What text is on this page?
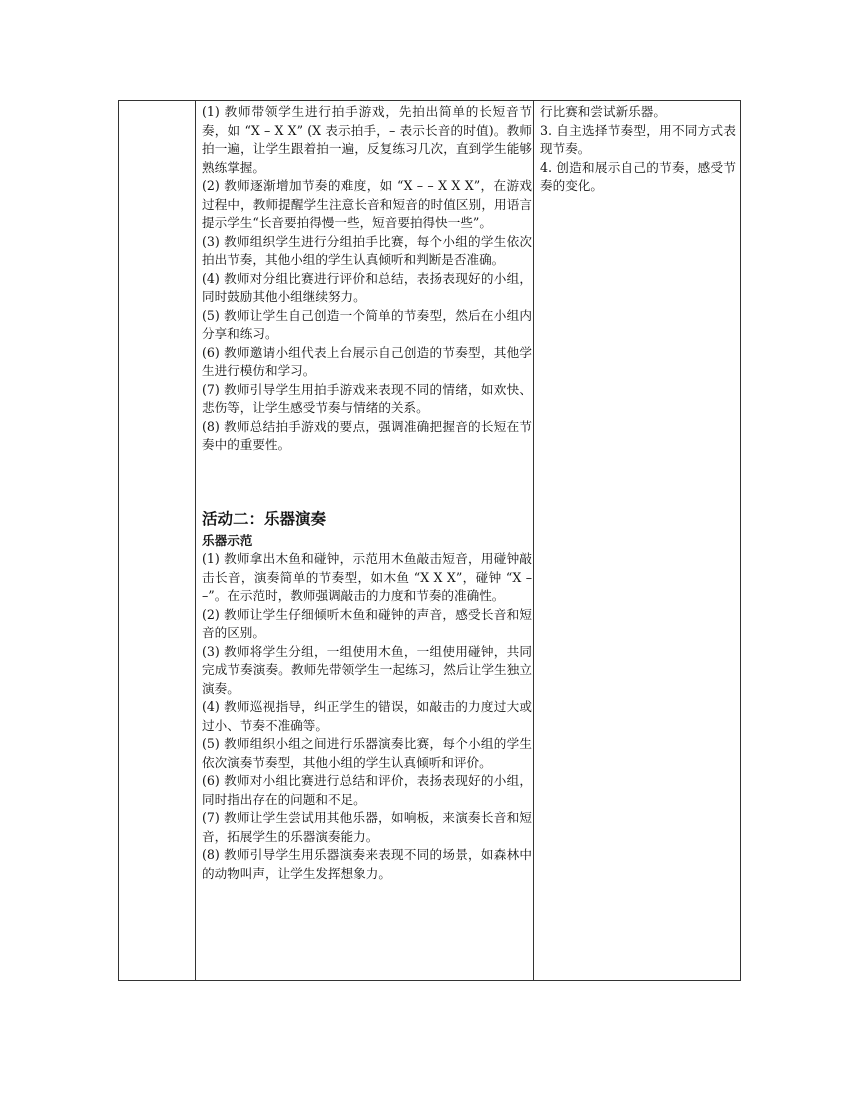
(1) 教师带领学生进行拍手游戏，先拍出简单的长短音节奏，如 “X – X X” (X 表示拍手，– 表示长音的时值)。教师拍一遍，让学生跟着拍一遍，反复练习几次，直到学生能够熟练掌握。

(2) 教师逐渐增加节奏的难度，如 “X – – X X X”，在游戏过程中，教师提醒学生注意长音和短音的时值区别，用语言提示学生“长音要拍得慢一些，短音要拍得快一些”。

(3) 教师组织学生进行分组拍手比赛，每个小组的学生依次拍出节奏，其他小组的学生认真倾听和判断是否准确。

(4) 教师对分组比赛进行评价和总结，表扬表现好的小组，同时鼓励其他小组继续努力。

(5) 教师让学生自己创造一个简单的节奏型，然后在小组内分享和练习。

(6) 教师邀请小组代表上台展示自己创造的节奏型，其他学生进行模仿和学习。

(7) 教师引导学生用拍手游戏来表现不同的情绪，如欢快、悲伤等，让学生感受节奏与情绪的关系。

(8) 教师总结拍手游戏的要点，强调准确把握音的长短在节奏中的重要性。

活动二：乐器演奏
乐器示范

(1) 教师拿出木鱼和碰钟，示范用木鱼敲击短音，用碰钟敲击长音，演奏简单的节奏型，如木鱼 “X X X”，碰钟 “X – –”。在示范时，教师强调敲击的力度和节奏的准确性。

(2) 教师让学生仔细倾听木鱼和碰钟的声音，感受长音和短音的区别。

(3) 教师将学生分组，一组使用木鱼，一组使用碰钟，共同完成节奏演奏。教师先带领学生一起练习，然后让学生独立演奏。

(4) 教师巡视指导，纠正学生的错误，如敲击的力度过大或过小、节奏不准确等。

(5) 教师组织小组之间进行乐器演奏比赛，每个小组的学生依次演奏节奏型，其他小组的学生认真倾听和评价。

(6) 教师对小组比赛进行总结和评价，表扬表现好的小组，同时指出存在的问题和不足。

(7) 教师让学生尝试用其他乐器，如响板，来演奏长音和短音，拓展学生的乐器演奏能力。

(8) 教师引导学生用乐器演奏来表现不同的场景，如森林中的动物叫声，让学生发挥想象力。

行比赛和尝试新乐器。

3. 自主选择节奏型，用不同方式表现节奏。

4. 创造和展示自己的节奏，感受节奏的变化。
